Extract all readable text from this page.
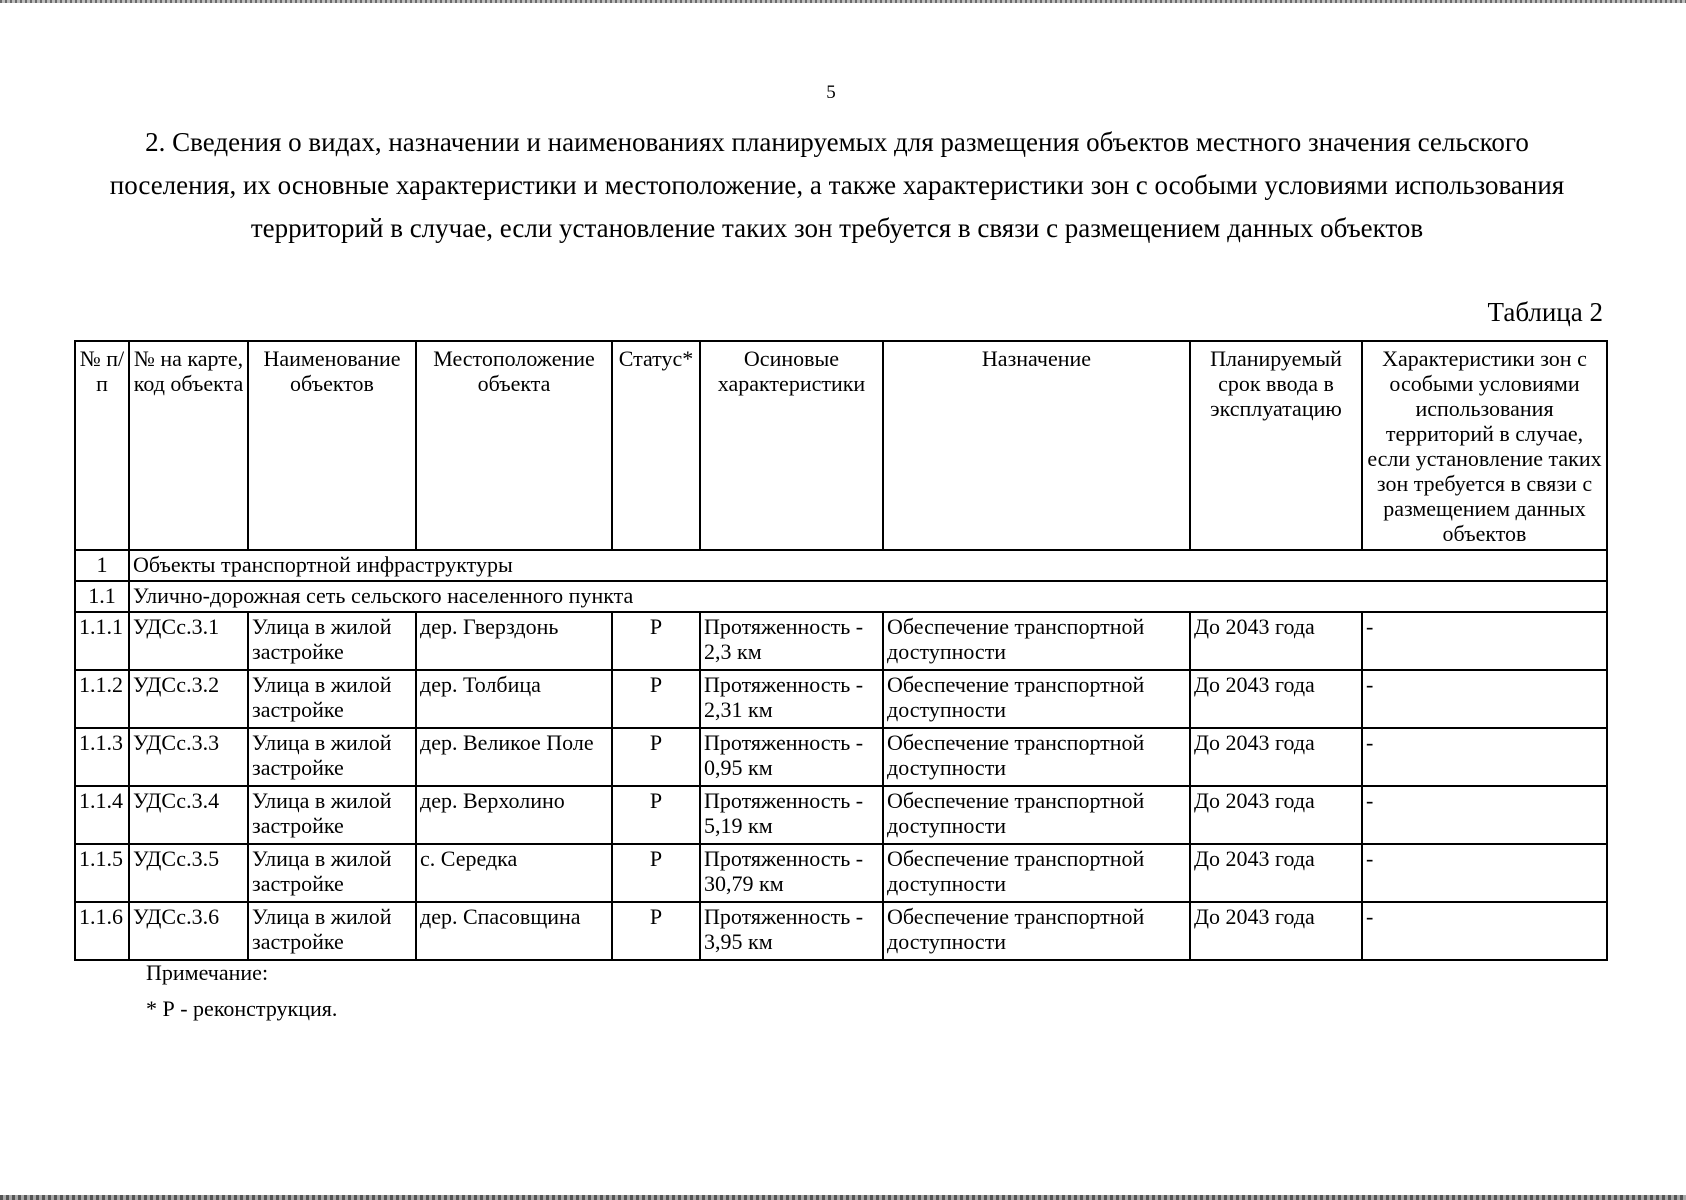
5
2. Сведения о видах, назначении и наименованиях планируемых для размещения объектов местного значения сельского поселения, их основные характеристики и местоположение, а также характеристики зон с особыми условиями использования территорий в случае, если установление таких зон требуется в связи с размещением данных объектов
Таблица 2
№ п/п	№ на карте, код объекта	Наименование объектов	Местоположение объекта	Статус*	Осиновые характеристики	Назначение	Планируемый срок ввода в эксплуатацию	Характеристики зон с особыми условиями использования территорий в случае, если установление таких зон требуется в связи с размещением данных объектов
1	Объекты транспортной инфраструктуры							
1.1	Улично-дорожная сеть сельского населенного пункта							
1.1.1	УДСс.3.1	Улица в жилой застройке	дер. Гверздонь	Р	Протяженность - 2,3 км	Обеспечение транспортной доступности	До 2043 года	-
1.1.2	УДСс.3.2	Улица в жилой застройке	дер. Толбица	Р	Протяженность - 2,31 км	Обеспечение транспортной доступности	До 2043 года	-
1.1.3	УДСс.3.3	Улица в жилой застройке	дер. Великое Поле	Р	Протяженность - 0,95 км	Обеспечение транспортной доступности	До 2043 года	-
1.1.4	УДСс.3.4	Улица в жилой застройке	дер. Верхолино	Р	Протяженность - 5,19 км	Обеспечение транспортной доступности	До 2043 года	-
1.1.5	УДСс.3.5	Улица в жилой застройке	с. Середка	Р	Протяженность - 30,79 км	Обеспечение транспортной доступности	До 2043 года	-
1.1.6	УДСс.3.6	Улица в жилой застройке	дер. Спасовщина	Р	Протяженность - 3,95 км	Обеспечение транспортной доступности	До 2043 года	-
Примечание:
* Р - реконструкция.
